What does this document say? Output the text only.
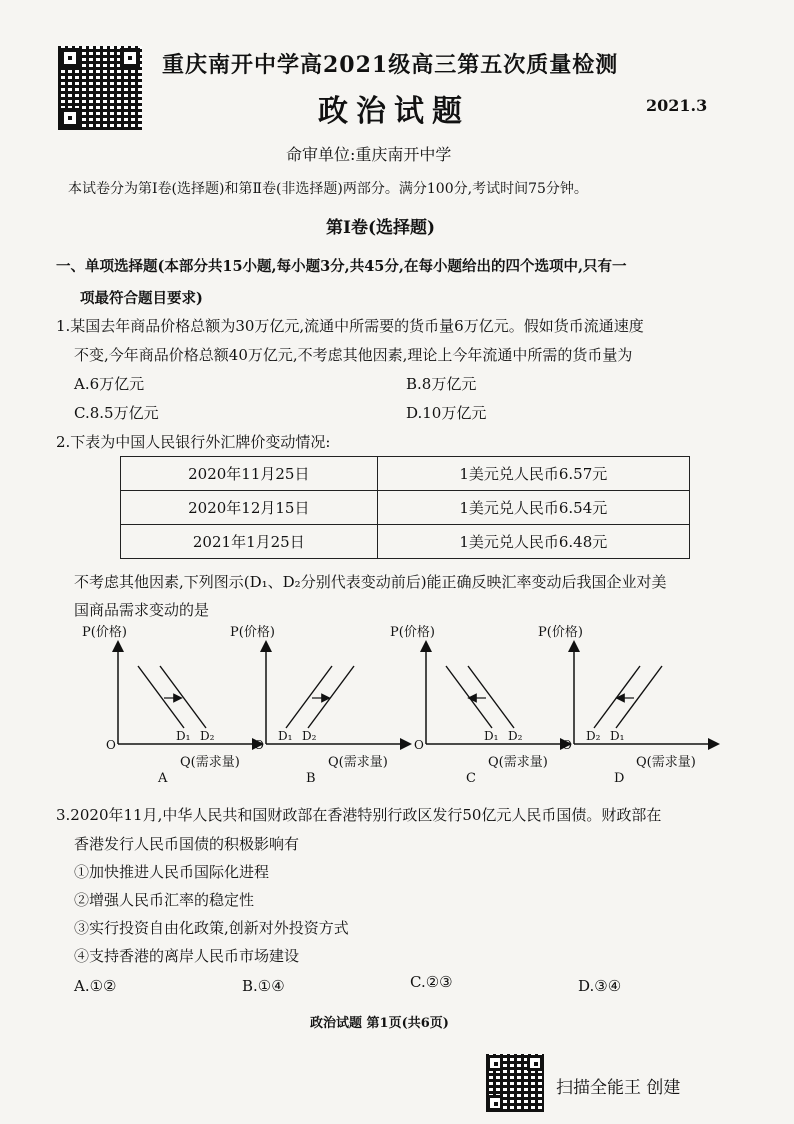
重庆南开中学高2021级高三第五次质量检测
政治试题	2021.3
命审单位:重庆南开中学
本试卷分为第Ⅰ卷(选择题)和第Ⅱ卷(非选择题)两部分。满分100分,考试时间75分钟。
第Ⅰ卷(选择题)
一、单项选择题(本部分共15小题,每小题3分,共45分,在每小题给出的四个选项中,只有一
项最符合题目要求)
1.某国去年商品价格总额为30万亿元,流通中所需要的货币量6万亿元。假如货币流通速度
不变,今年商品价格总额40万亿元,不考虑其他因素,理论上今年流通中所需的货币量为
A.6万亿元	B.8万亿元
C.8.5万亿元	D.10万亿元
2.下表为中国人民银行外汇牌价变动情况:
2020年11月25日	1美元兑人民币6.57元
2020年12月15日	1美元兑人民币6.54元
2021年1月25日	1美元兑人民币6.48元
不考虑其他因素,下列图示(D₁、D₂分别代表变动前后)能正确反映汇率变动后我国企业对美
国商品需求变动的是
P(价格)
O
Q(需求量)
A
D₁ D₂
P(价格)
O
Q(需求量)
B
D₁ D₂
P(价格)
O
Q(需求量)
C
D₁ D₂
P(价格)
O
Q(需求量)
D
D₂ D₁
3.2020年11月,中华人民共和国财政部在香港特别行政区发行50亿元人民币国债。财政部在
香港发行人民币国债的积极影响有
①加快推进人民币国际化进程
②增强人民币汇率的稳定性
③实行投资自由化政策,创新对外投资方式
④支持香港的离岸人民币市场建设
A.①②	B.①④	C.②③	D.③④
政治试题 第1页(共6页)
扫描全能王 创建
